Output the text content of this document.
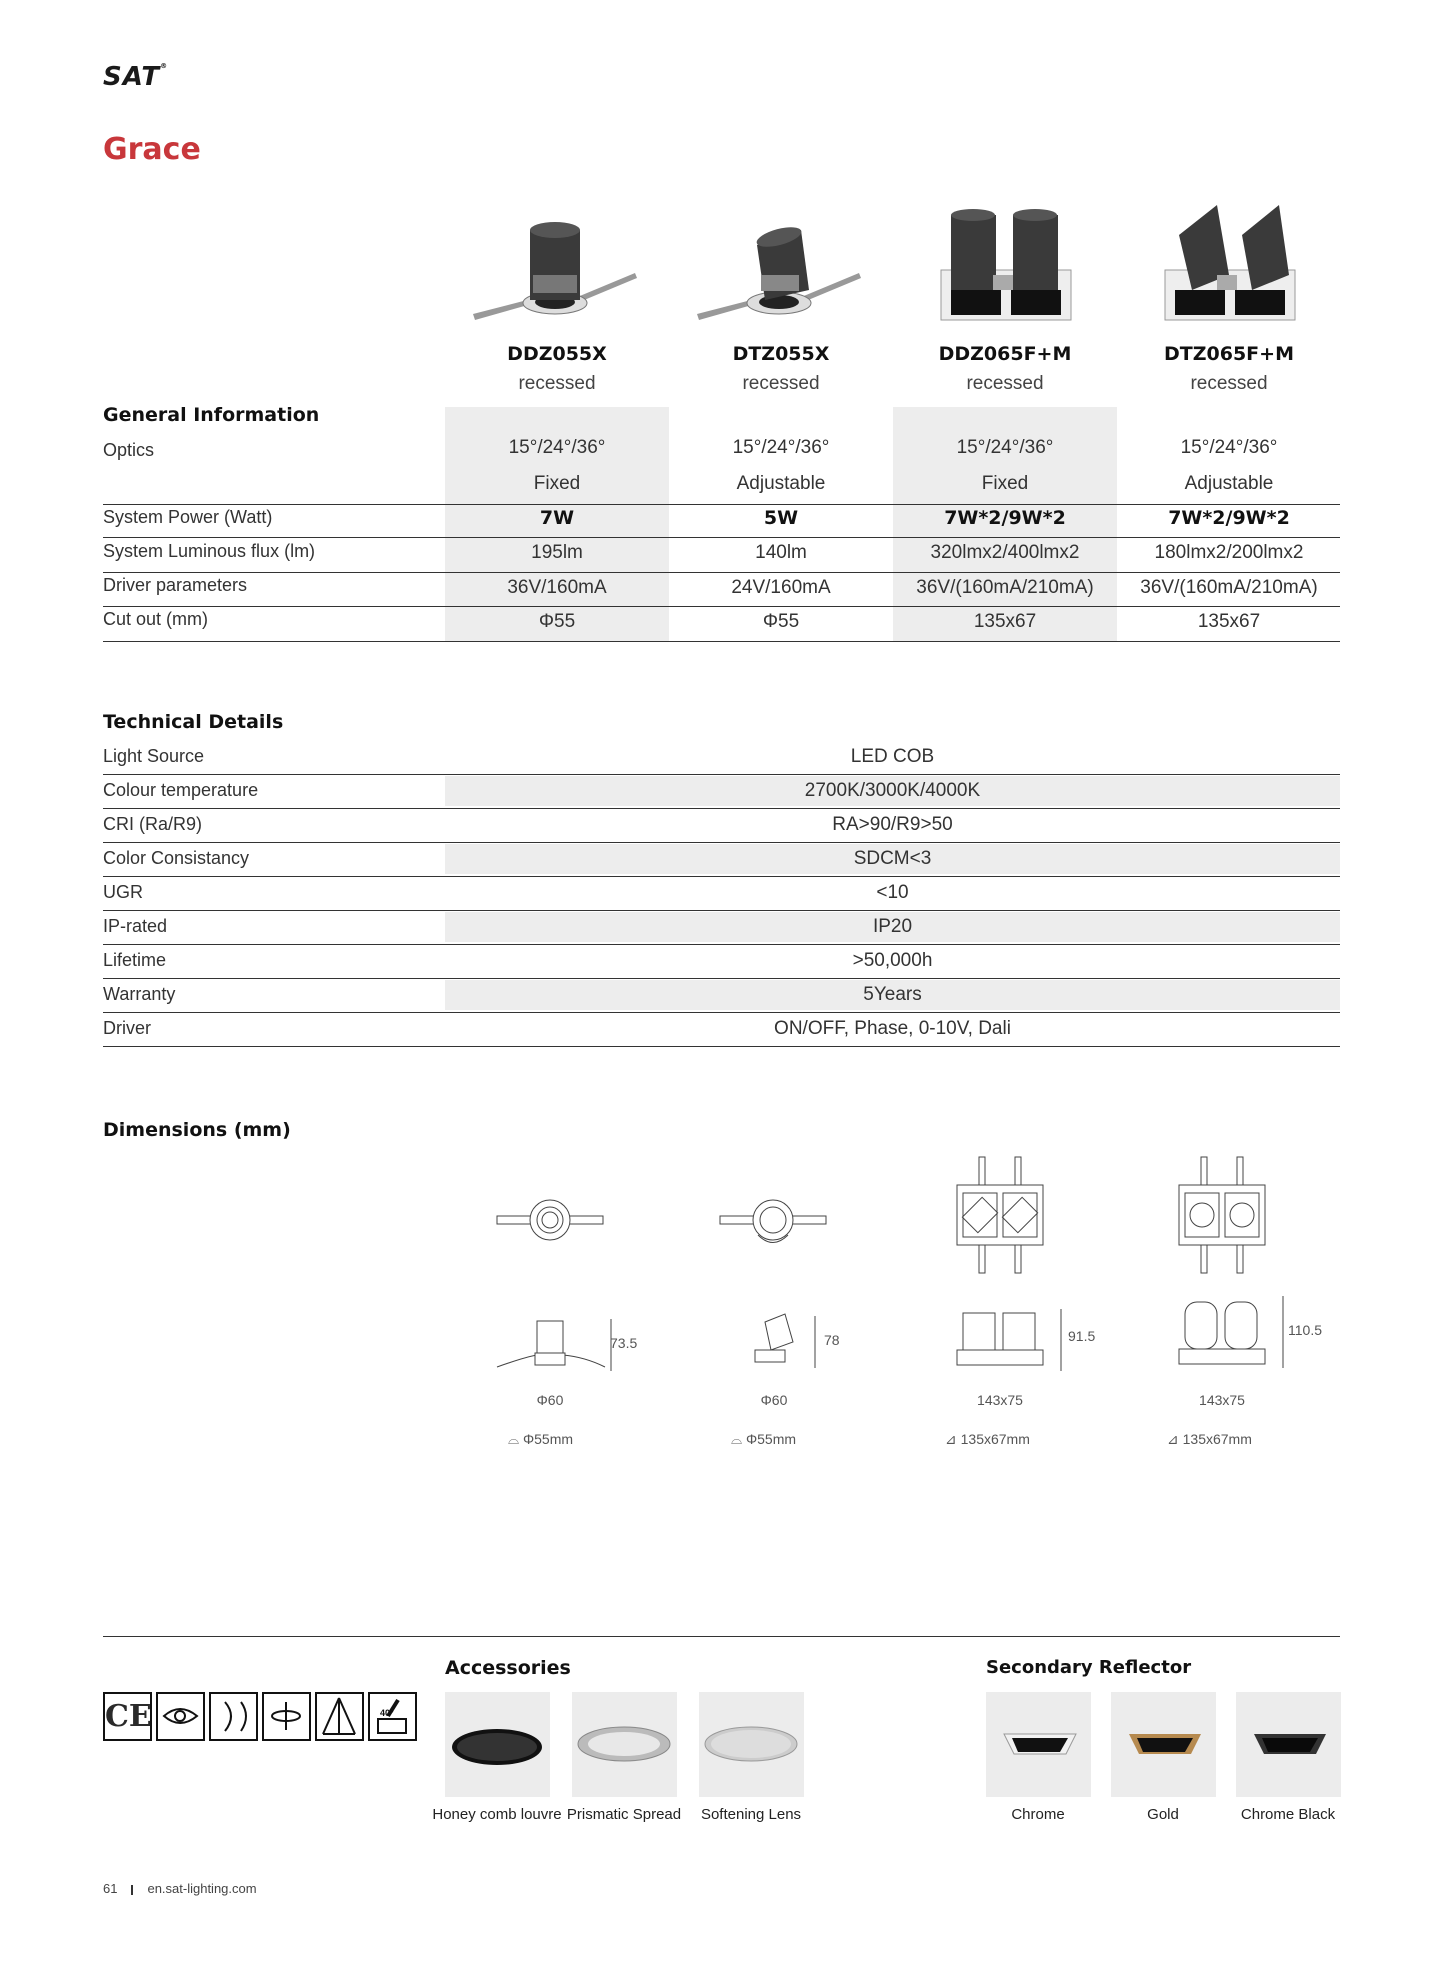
SAT®
Grace
DDZ055X	DTZ055X	DDZ065F+M	DTZ065F+M
recessed	recessed	recessed	recessed
General Information
Optics	15°/24°/36°	15°/24°/36°	15°/24°/36°	15°/24°/36°
Fixed	Adjustable	Fixed	Adjustable
System Power (Watt)	7W	5W	7W*2/9W*2	7W*2/9W*2
System Luminous flux (lm)	195lm	140lm	320lmx2/400lmx2	180lmx2/200lmx2
Driver parameters	36V/160mA	24V/160mA	36V/(160mA/210mA)	36V/(160mA/210mA)
Cut out (mm)	Φ55	Φ55	135x67	135x67
Technical Details
Light Source	LED COB
Colour temperature	2700K/3000K/4000K
CRI (Ra/R9)	RA>90/R9>50
Color Consistancy	SDCM<3
UGR	<10
IP-rated	IP20
Lifetime	>50,000h
Warranty	5Years
Driver	ON/OFF, Phase, 0-10V, Dali
Dimensions (mm)
73.5
Φ60
⌓ Φ55mm
78
Φ60
⌓ Φ55mm
91.5
143x75
⊿ 135x67mm
110.5
143x75
⊿ 135x67mm
CE	40°
Accessories
Honey comb louvre Prismatic Spread	Softening Lens
Secondary Reflector
Chrome	Gold	Chrome Black
61 en.sat-lighting.com
